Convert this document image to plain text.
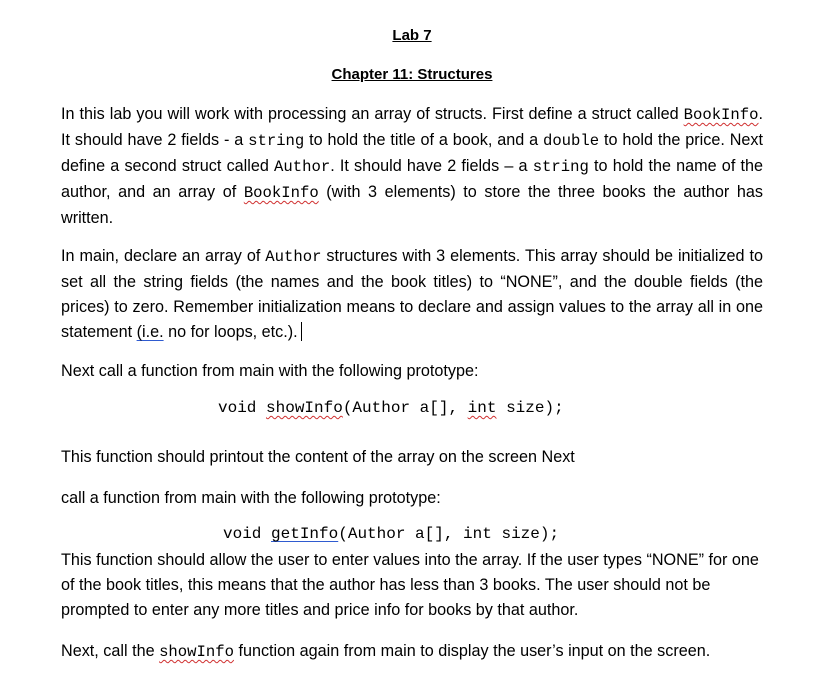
Lab 7
Chapter 11: Structures
In this lab you will work with processing an array of structs. First define a struct called BookInfo. It should have 2 fields - a string to hold the title of a book, and a double to hold the price. Next define a second struct called Author. It should have 2 fields – a string to hold the name of the author, and an array of BookInfo (with 3 elements) to store the three books the author has written.
In main, declare an array of Author structures with 3 elements. This array should be initialized to set all the string fields (the names and the book titles) to “NONE”, and the double fields (the prices) to zero. Remember initialization means to declare and assign values to the array all in one statement (i.e. no for loops, etc.).
Next call a function from main with the following prototype:
void showInfo(Author a[], int size);
This function should printout the content of the array on the screen Next
call a function from main with the following prototype:
void getInfo(Author a[], int size);
This function should allow the user to enter values into the array. If the user types “NONE” for one of the book titles, this means that the author has less than 3 books. The user should not be prompted to enter any more titles and price info for books by that author.
Next, call the showInfo function again from main to display the user’s input on the screen.
